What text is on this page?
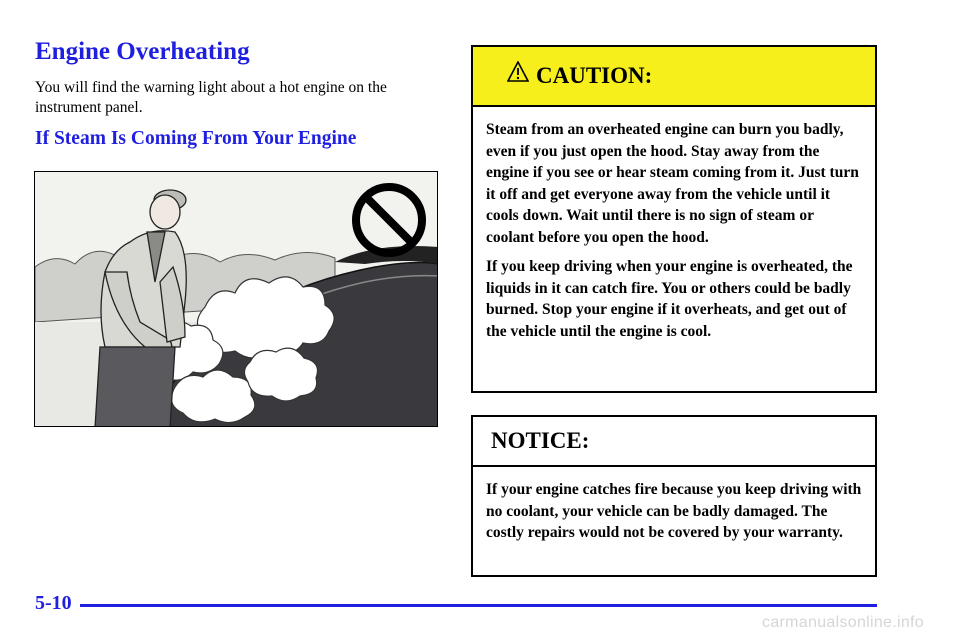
Engine Overheating

You will find the warning light about a hot engine on the instrument panel.

If Steam Is Coming From Your Engine
CAUTION:

Steam from an overheated engine can burn you badly, even if you just open the hood. Stay away from the engine if you see or hear steam coming from it. Just turn it off and get everyone away from the vehicle until it cools down. Wait until there is no sign of steam or coolant before you open the hood.

If you keep driving when your engine is overheated, the liquids in it can catch fire. You or others could be badly burned. Stop your engine if it overheats, and get out of the vehicle until the engine is cool.

NOTICE:

If your engine catches fire because you keep driving with no coolant, your vehicle can be badly damaged. The costly repairs would not be covered by your warranty.

5-10
carmanualsonline.info
